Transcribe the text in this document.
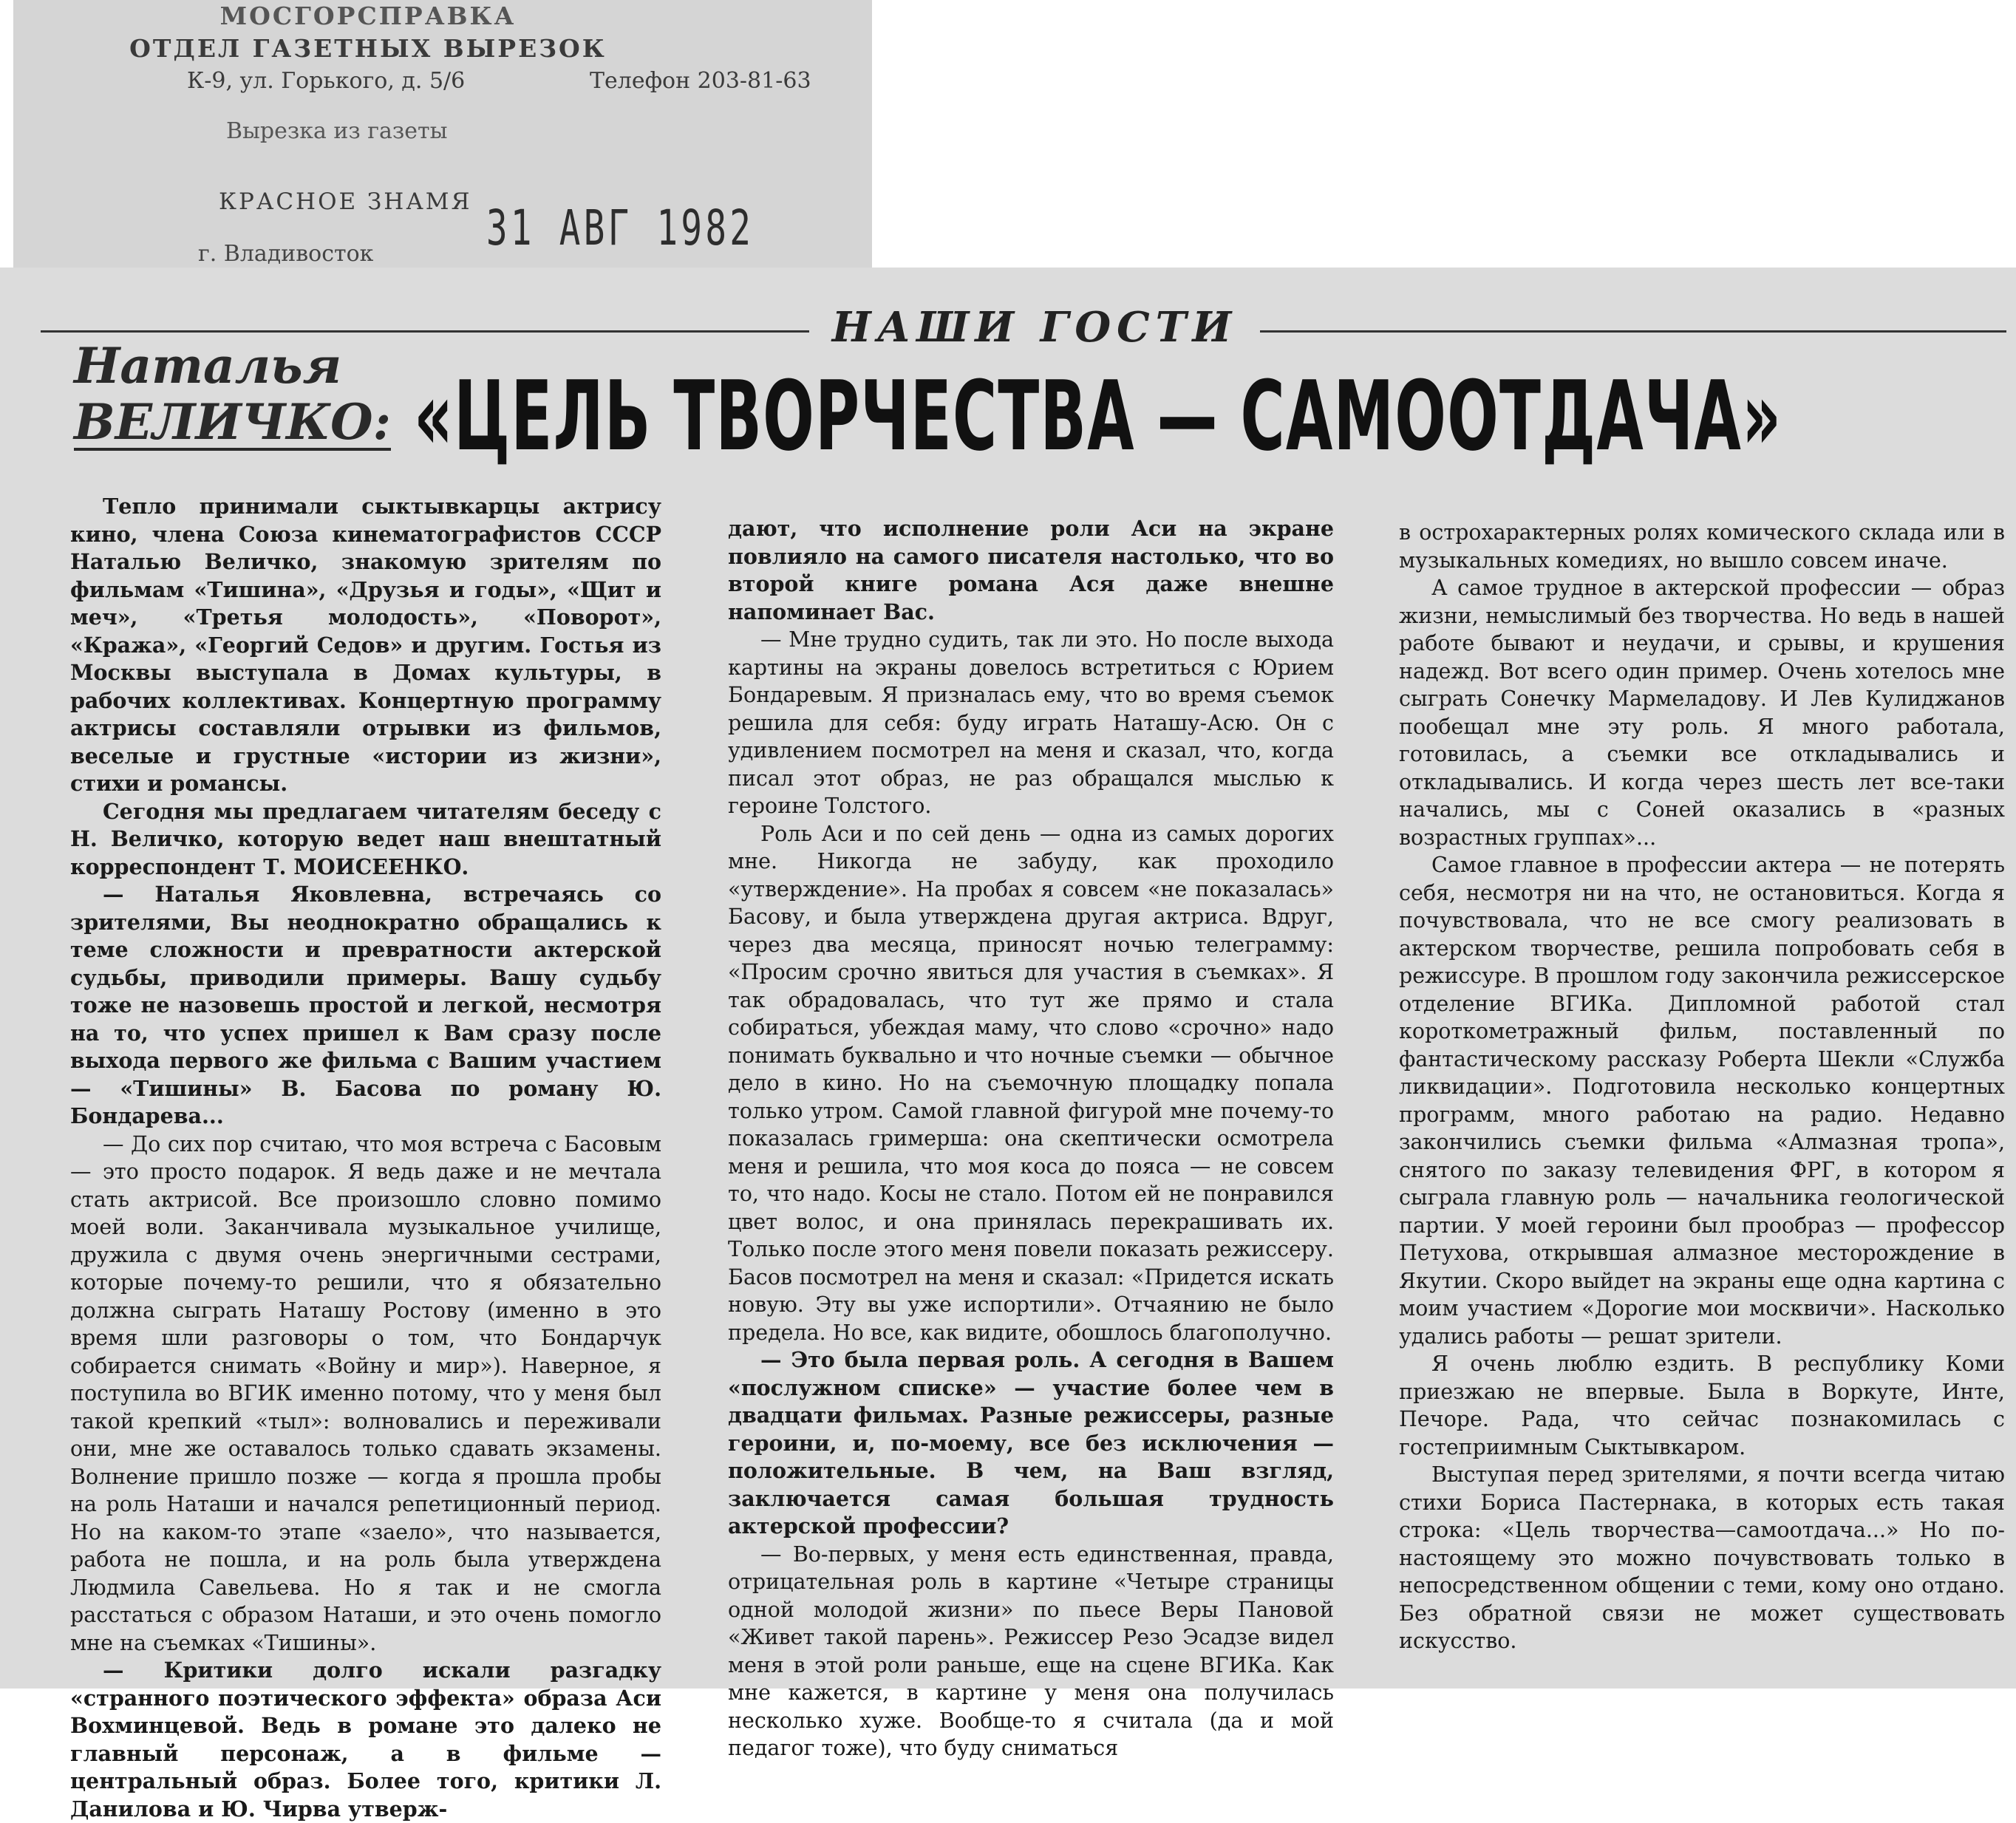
МОСГОРСПРАВКА
ОТДЕЛ ГАЗЕТНЫХ ВЫРЕЗОК
К-9, ул. Горького, д. 5/6	Телефон 203-81-63
Вырезка из газеты
КРАСНОЕ ЗНАМЯ 31 АВГ 1982
г. Владивосток
НАШИ ГОСТИ
Наталья
ВЕЛИЧКО: «ЦЕЛЬ ТВОРЧЕСТВА — САМООТДАЧА»

Тепло принимали сыктывкарцы актрису кино, члена Союза кинематографистов СССР Наталью Величко, знакомую зрителям по фильмам «Тишина», «Друзья и годы», «Щит и меч», «Третья молодость», «Поворот», «Кража», «Георгий Седов» и другим. Гостья из Москвы выступала в Домах культуры, в рабочих коллективах. Концертную программу актрисы составляли отрывки из фильмов, веселые и грустные «истории из жизни», стихи и романсы.

Сегодня мы предлагаем читателям беседу с Н. Величко, которую ведет наш внештатный корреспондент Т. МОИСЕЕНКО.

— Наталья Яковлевна, встречаясь со зрителями, Вы неоднократно обращались к теме сложности и превратности актерской судьбы, приводили примеры. Вашу судьбу тоже не назовешь простой и легкой, несмотря на то, что успех пришел к Вам сразу после выхода первого же фильма с Вашим участием — «Тишины» В. Басова по роману Ю. Бондарева...

— До сих пор считаю, что моя встреча с Басовым — это просто подарок. Я ведь даже и не мечтала стать актрисой. Все произошло словно помимо моей воли. Заканчивала музыкальное училище, дружила с двумя очень энергичными сестрами, которые почему-то решили, что я обязательно должна сыграть Наташу Ростову (именно в это время шли разговоры о том, что Бондарчук собирается снимать «Войну и мир»). Наверное, я поступила во ВГИК именно потому, что у меня был такой крепкий «тыл»: волновались и переживали они, мне же оставалось только сдавать экзамены. Волнение пришло позже — когда я прошла пробы на роль Наташи и начался репетиционный период. Но на каком-то этапе «заело», что называется, работа не пошла, и на роль была утверждена Людмила Савельева. Но я так и не смогла расстаться с образом Наташи, и это очень помогло мне на съемках «Тишины».

— Критики долго искали разгадку «странного поэтического эффекта» образа Аси Вохминцевой. Ведь в романе это далеко не главный персонаж, а в фильме — центральный образ. Более того, критики Л. Данилова и Ю. Чирва утверж-

дают, что исполнение роли Аси на экране повлияло на самого писателя настолько, что во второй книге романа Ася даже внешне напоминает Вас.

— Мне трудно судить, так ли это. Но после выхода картины на экраны довелось встретиться с Юрием Бондаревым. Я призналась ему, что во время съемок решила для себя: буду играть Наташу-Асю. Он с удивлением посмотрел на меня и сказал, что, когда писал этот образ, не раз обращался мыслью к героине Толстого.

Роль Аси и по сей день — одна из самых дорогих мне. Никогда не забуду, как проходило «утверждение». На пробах я совсем «не показалась» Басову, и была утверждена другая актриса. Вдруг, через два месяца, приносят ночью телеграмму: «Просим срочно явиться для участия в съемках». Я так обрадовалась, что тут же прямо и стала собираться, убеждая маму, что слово «срочно» надо понимать буквально и что ночные съемки — обычное дело в кино. Но на съемочную площадку попала только утром. Самой главной фигурой мне почему-то показалась гримерша: она скептически осмотрела меня и решила, что моя коса до пояса — не совсем то, что надо. Косы не стало. Потом ей не понравился цвет волос, и она принялась перекрашивать их. Только после этого меня повели показать режиссеру. Басов посмотрел на меня и сказал: «Придется искать новую. Эту вы уже испортили». Отчаянию не было предела. Но все, как видите, обошлось благополучно.

— Это была первая роль. А сегодня в Вашем «послужном списке» — участие более чем в двадцати фильмах. Разные режиссеры, разные героини, и, по-моему, все без исключения — положительные. В чем, на Ваш взгляд, заключается самая большая трудность актерской профессии?

— Во-первых, у меня есть единственная, правда, отрицательная роль в картине «Четыре страницы одной молодой жизни» по пьесе Веры Пановой «Живет такой парень». Режиссер Резо Эсадзе видел меня в этой роли раньше, еще на сцене ВГИКа. Как мне кажется, в картине у меня она получилась несколько хуже. Вообще-то я считала (да и мой педагог тоже), что буду сниматься

в острохарактерных ролях комического склада или в музыкальных комедиях, но вышло совсем иначе.

А самое трудное в актерской профессии — образ жизни, немыслимый без творчества. Но ведь в нашей работе бывают и неудачи, и срывы, и крушения надежд. Вот всего один пример. Очень хотелось мне сыграть Сонечку Мармеладову. И Лев Кулиджанов пообещал мне эту роль. Я много работала, готовилась, а съемки все откладывались и откладывались. И когда через шесть лет все-таки начались, мы с Соней оказались в «разных возрастных группах»...

Самое главное в профессии актера — не потерять себя, несмотря ни на что, не остановиться. Когда я почувствовала, что не все смогу реализовать в актерском творчестве, решила попробовать себя в режиссуре. В прошлом году закончила режиссерское отделение ВГИКа. Дипломной работой стал короткометражный фильм, поставленный по фантастическому рассказу Роберта Шекли «Служба ликвидации». Подготовила несколько концертных программ, много работаю на радио. Недавно закончились съемки фильма «Алмазная тропа», снятого по заказу телевидения ФРГ, в котором я сыграла главную роль — начальника геологической партии. У моей героини был прообраз — профессор Петухова, открывшая алмазное месторождение в Якутии. Скоро выйдет на экраны еще одна картина с моим участием «Дорогие мои москвичи». Насколько удались работы — решат зрители.

Я очень люблю ездить. В республику Коми приезжаю не впервые. Была в Воркуте, Инте, Печоре. Рада, что сейчас познакомилась с гостеприимным Сыктывкаром.

Выступая перед зрителями, я почти всегда читаю стихи Бориса Пастернака, в которых есть такая строка: «Цель творчества—самоотдача...» Но по-настоящему это можно почувствовать только в непосредственном общении с теми, кому оно отдано. Без обратной связи не может существовать искусство.
